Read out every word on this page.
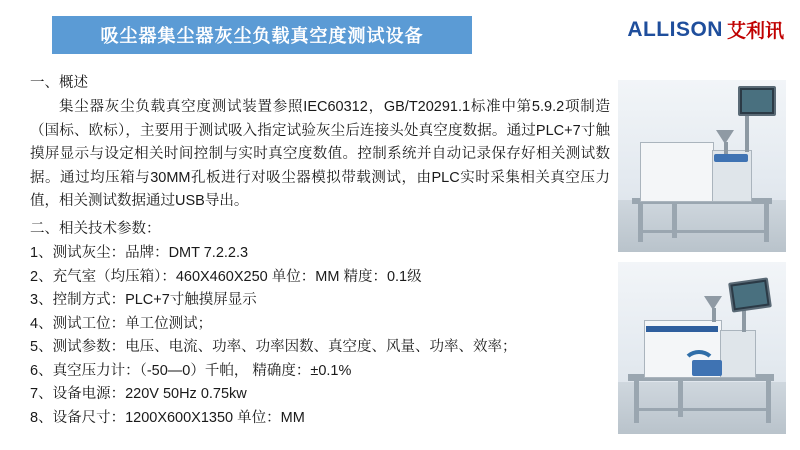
吸尘器集尘器灰尘负载真空度测试设备	ALLISON 艾利讯

一、概述

集尘器灰尘负载真空度测试装置参照IEC60312，GB/T20291.1标准中第5.9.2项制造（国标、欧标），主要用于测试吸入指定试验灰尘后连接头处真空度数据。通过PLC+7寸触摸屏显示与设定相关时间控制与实时真空度数值。控制系统并自动记录保存好相关测试数据。通过均压箱与30MM孔板进行对吸尘器模拟带载测试，由PLC实时采集相关真空压力值，相关测试数据通过USB导出。

二、相关技术参数：

1、测试灰尘：品牌：DMT 7.2.2.3
2、充气室（均压箱）：460X460X250 单位：MM 精度：0.1级
3、控制方式：PLC+7寸触摸屏显示
4、测试工位：单工位测试；
5、测试参数：电压、电流、功率、功率因数、真空度、风量、功率、效率；
6、真空压力计：（-50—0）千帕， 精确度：±0.1%
7、设备电源：220V 50Hz 0.75kw
8、设备尺寸：1200X600X1350 单位：MM
